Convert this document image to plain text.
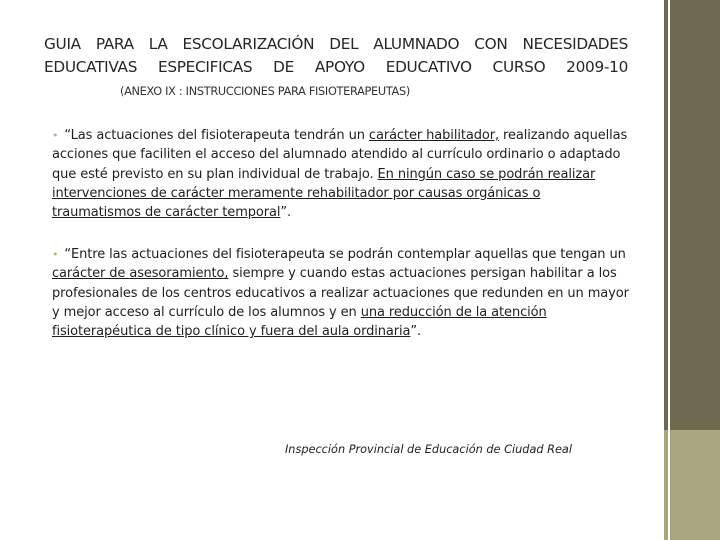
GUIA PARA LA ESCOLARIZACIÓN DEL ALUMNADO CON NECESIDADES
EDUCATIVAS ESPECIFICAS DE APOYO EDUCATIVO CURSO 2009-10
(ANEXO IX : INSTRUCCIONES PARA FISIOTERAPEUTAS)
• “Las actuaciones del fisioterapeuta tendrán un carácter habilitador, realizando aquellas acciones que faciliten el acceso del alumnado atendido al currículo ordinario o adaptado que esté previsto en su plan individual de trabajo. En ningún caso se podrán realizar intervenciones de carácter meramente rehabilitador por causas orgánicas o traumatismos de carácter temporal”.
• “Entre las actuaciones del fisioterapeuta se podrán contemplar aquellas que tengan un carácter de asesoramiento, siempre y cuando estas actuaciones persigan habilitar a los profesionales de los centros educativos a realizar actuaciones que redunden en un mayor y mejor acceso al currículo de los alumnos y en una reducción de la atención fisioterapéutica de tipo clínico y fuera del aula ordinaria”.
Inspección Provincial de Educación de Ciudad Real
